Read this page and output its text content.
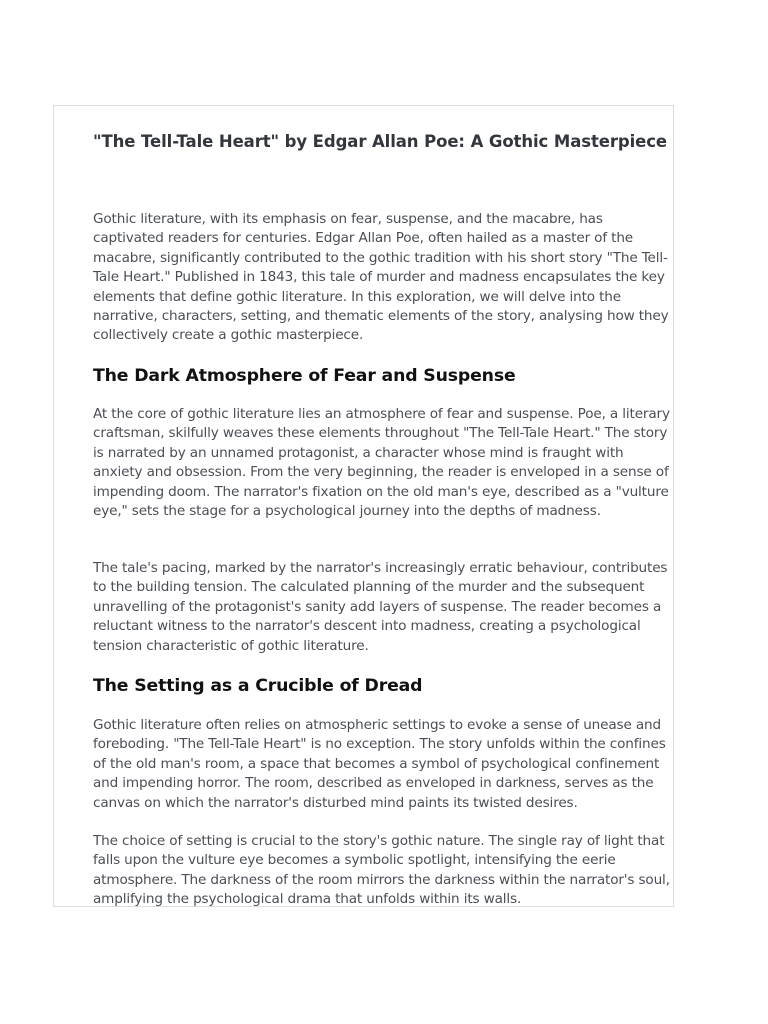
"The Tell-Tale Heart" by Edgar Allan Poe: A Gothic Masterpiece

Gothic literature, with its emphasis on fear, suspense, and the macabre, has captivated readers for centuries. Edgar Allan Poe, often hailed as a master of the macabre, significantly contributed to the gothic tradition with his short story "The Tell-Tale Heart." Published in 1843, this tale of murder and madness encapsulates the key elements that define gothic literature. In this exploration, we will delve into the narrative, characters, setting, and thematic elements of the story, analysing how they collectively create a gothic masterpiece.

The Dark Atmosphere of Fear and Suspense

At the core of gothic literature lies an atmosphere of fear and suspense. Poe, a literary craftsman, skilfully weaves these elements throughout "The Tell-Tale Heart." The story is narrated by an unnamed protagonist, a character whose mind is fraught with anxiety and obsession. From the very beginning, the reader is enveloped in a sense of impending doom. The narrator's fixation on the old man's eye, described as a "vulture eye," sets the stage for a psychological journey into the depths of madness.

The tale's pacing, marked by the narrator's increasingly erratic behaviour, contributes to the building tension. The calculated planning of the murder and the subsequent unravelling of the protagonist's sanity add layers of suspense. The reader becomes a reluctant witness to the narrator's descent into madness, creating a psychological tension characteristic of gothic literature.

The Setting as a Crucible of Dread

Gothic literature often relies on atmospheric settings to evoke a sense of unease and foreboding. "The Tell-Tale Heart" is no exception. The story unfolds within the confines of the old man's room, a space that becomes a symbol of psychological confinement and impending horror. The room, described as enveloped in darkness, serves as the canvas on which the narrator's disturbed mind paints its twisted desires.

The choice of setting is crucial to the story's gothic nature. The single ray of light that falls upon the vulture eye becomes a symbolic spotlight, intensifying the eerie atmosphere. The darkness of the room mirrors the darkness within the narrator's soul, amplifying the psychological drama that unfolds within its walls.
